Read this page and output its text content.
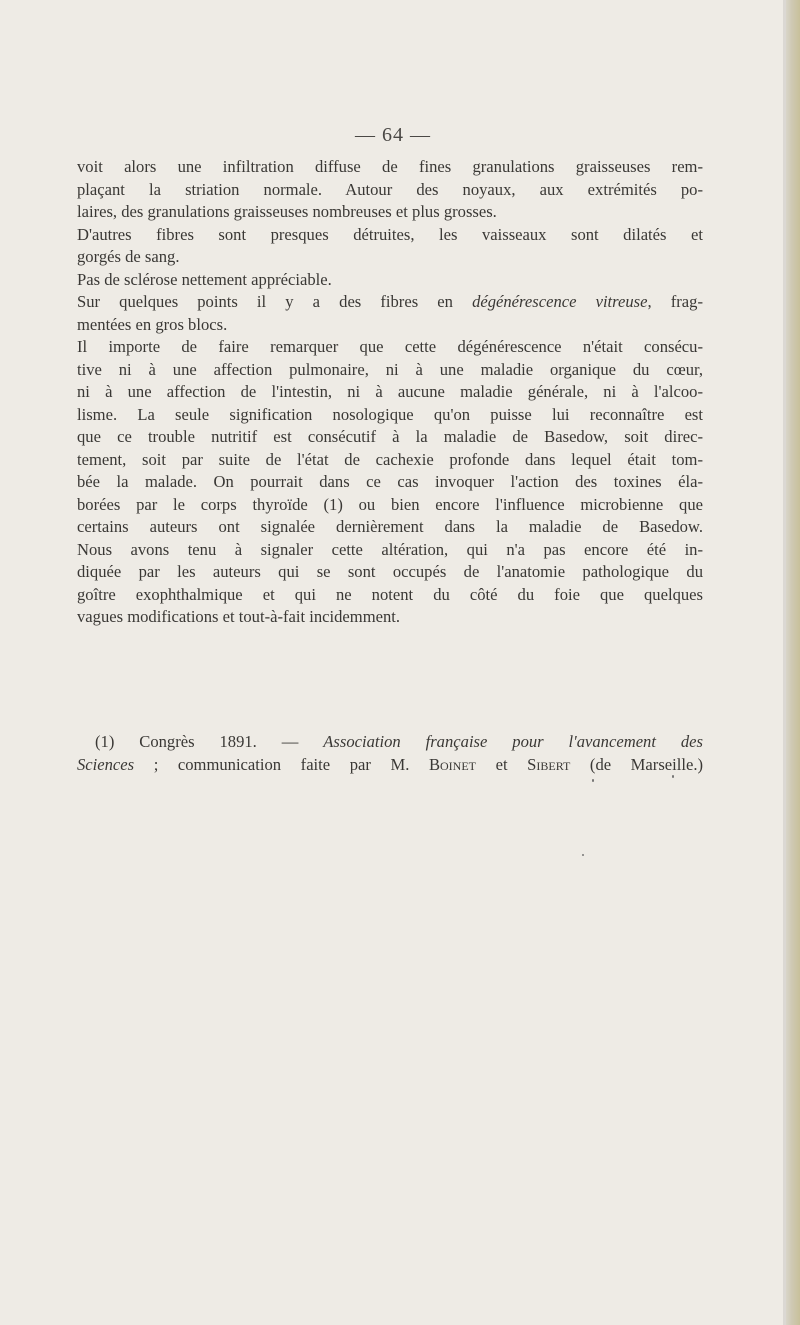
— 64 —
voit alors une infiltration diffuse de fines granulations graisseuses rem-
plaçant la striation normale. Autour des noyaux, aux extrémités po-
laires, des granulations graisseuses nombreuses et plus grosses.
D'autres fibres sont presques détruites, les vaisseaux sont dilatés et
gorgés de sang.
Pas de sclérose nettement appréciable.
Sur quelques points il y a des fibres en dégénérescence vitreuse, frag-
mentées en gros blocs.
Il importe de faire remarquer que cette dégénérescence n'était consécu-
tive ni à une affection pulmonaire, ni à une maladie organique du cœur,
ni à une affection de l'intestin, ni à aucune maladie générale, ni à l'alcoo-
lisme. La seule signification nosologique qu'on puisse lui reconnaître est
que ce trouble nutritif est consécutif à la maladie de Basedow, soit direc-
tement, soit par suite de l'état de cachexie profonde dans lequel était tom-
bée la malade. On pourrait dans ce cas invoquer l'action des toxines éla-
borées par le corps thyroïde (1) ou bien encore l'influence microbienne que
certains auteurs ont signalée dernièrement dans la maladie de Basedow.
Nous avons tenu à signaler cette altération, qui n'a pas encore été in-
diquée par les auteurs qui se sont occupés de l'anatomie pathologique du
goître exophthalmique et qui ne notent du côté du foie que quelques
vagues modifications et tout-à-fait incidemment.
(1) Congrès 1891. — Association française pour l'avancement des
Sciences ; communication faite par M. Boinet et Sibert (de Marseille.)
